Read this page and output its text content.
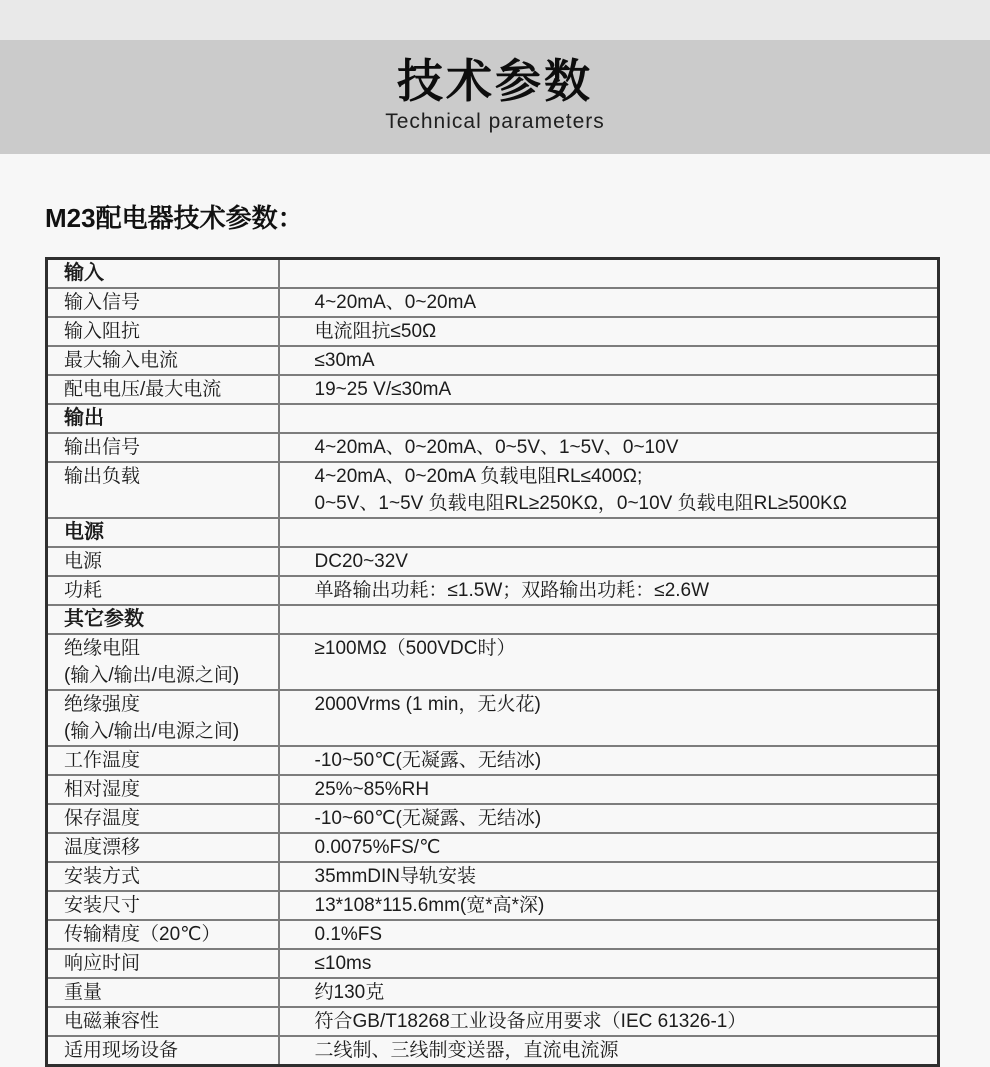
技术参数
Technical parameters
M23配电器技术参数：
输入	
输入信号	4~20mA、0~20mA
输入阻抗	电流阻抗≤50Ω
最大输入电流	≤30mA
配电电压/最大电流	19~25 V/≤30mA
输出	
输出信号	4~20mA、0~20mA、0~5V、1~5V、0~10V
输出负载	4~20mA、0~20mA 负载电阻RL≤400Ω;
0~5V、1~5V 负载电阻RL≥250KΩ，0~10V 负载电阻RL≥500KΩ

电源	
电源	DC20~32V
功耗	单路输出功耗：≤1.5W；双路输出功耗：≤2.6W
其它参数	

绝缘电阻
(输入/输出/电源之间)	≥100MΩ（500VDC时）

绝缘强度
(输入/输出/电源之间)	2000Vrms (1 min，无火花)
工作温度	-10~50℃(无凝露、无结冰)
相对湿度	25%~85%RH
保存温度	-10~60℃(无凝露、无结冰)
温度漂移	0.0075%FS/℃
安装方式	35mmDIN导轨安装
安装尺寸	13*108*115.6mm(宽*高*深)
传输精度（20℃）	0.1%FS
响应时间	≤10ms
重量	约130克
电磁兼容性	符合GB/T18268工业设备应用要求（IEC 61326-1）
适用现场设备	二线制、三线制变送器，直流电流源
